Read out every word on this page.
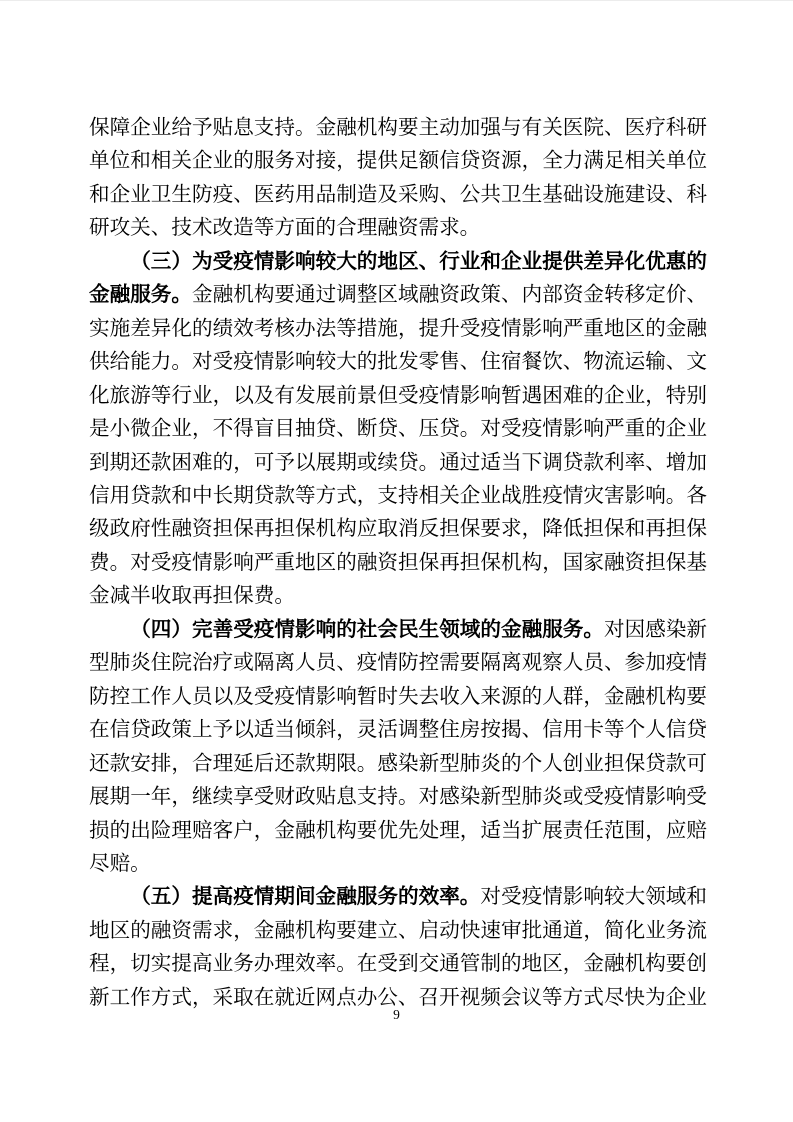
保障企业给予贴息支持。金融机构要主动加强与有关医院、医疗科研单位和相关企业的服务对接，提供足额信贷资源，全力满足相关单位和企业卫生防疫、医药用品制造及采购、公共卫生基础设施建设、科研攻关、技术改造等方面的合理融资需求。

（三）为受疫情影响较大的地区、行业和企业提供差异化优惠的金融服务。金融机构要通过调整区域融资政策、内部资金转移定价、实施差异化的绩效考核办法等措施，提升受疫情影响严重地区的金融供给能力。对受疫情影响较大的批发零售、住宿餐饮、物流运输、文化旅游等行业，以及有发展前景但受疫情影响暂遇困难的企业，特别是小微企业，不得盲目抽贷、断贷、压贷。对受疫情影响严重的企业到期还款困难的，可予以展期或续贷。通过适当下调贷款利率、增加信用贷款和中长期贷款等方式，支持相关企业战胜疫情灾害影响。各级政府性融资担保再担保机构应取消反担保要求，降低担保和再担保费。对受疫情影响严重地区的融资担保再担保机构，国家融资担保基金减半收取再担保费。

（四）完善受疫情影响的社会民生领域的金融服务。对因感染新型肺炎住院治疗或隔离人员、疫情防控需要隔离观察人员、参加疫情防控工作人员以及受疫情影响暂时失去收入来源的人群，金融机构要在信贷政策上予以适当倾斜，灵活调整住房按揭、信用卡等个人信贷还款安排，合理延后还款期限。感染新型肺炎的个人创业担保贷款可展期一年，继续享受财政贴息支持。对感染新型肺炎或受疫情影响受损的出险理赔客户，金融机构要优先处理，适当扩展责任范围，应赔尽赔。

（五）提高疫情期间金融服务的效率。对受疫情影响较大领域和地区的融资需求，金融机构要建立、启动快速审批通道，简化业务流程，切实提高业务办理效率。在受到交通管制的地区，金融机构要创新工作方式，采取在就近网点办公、召开视频会议等方式尽快为企业

9
